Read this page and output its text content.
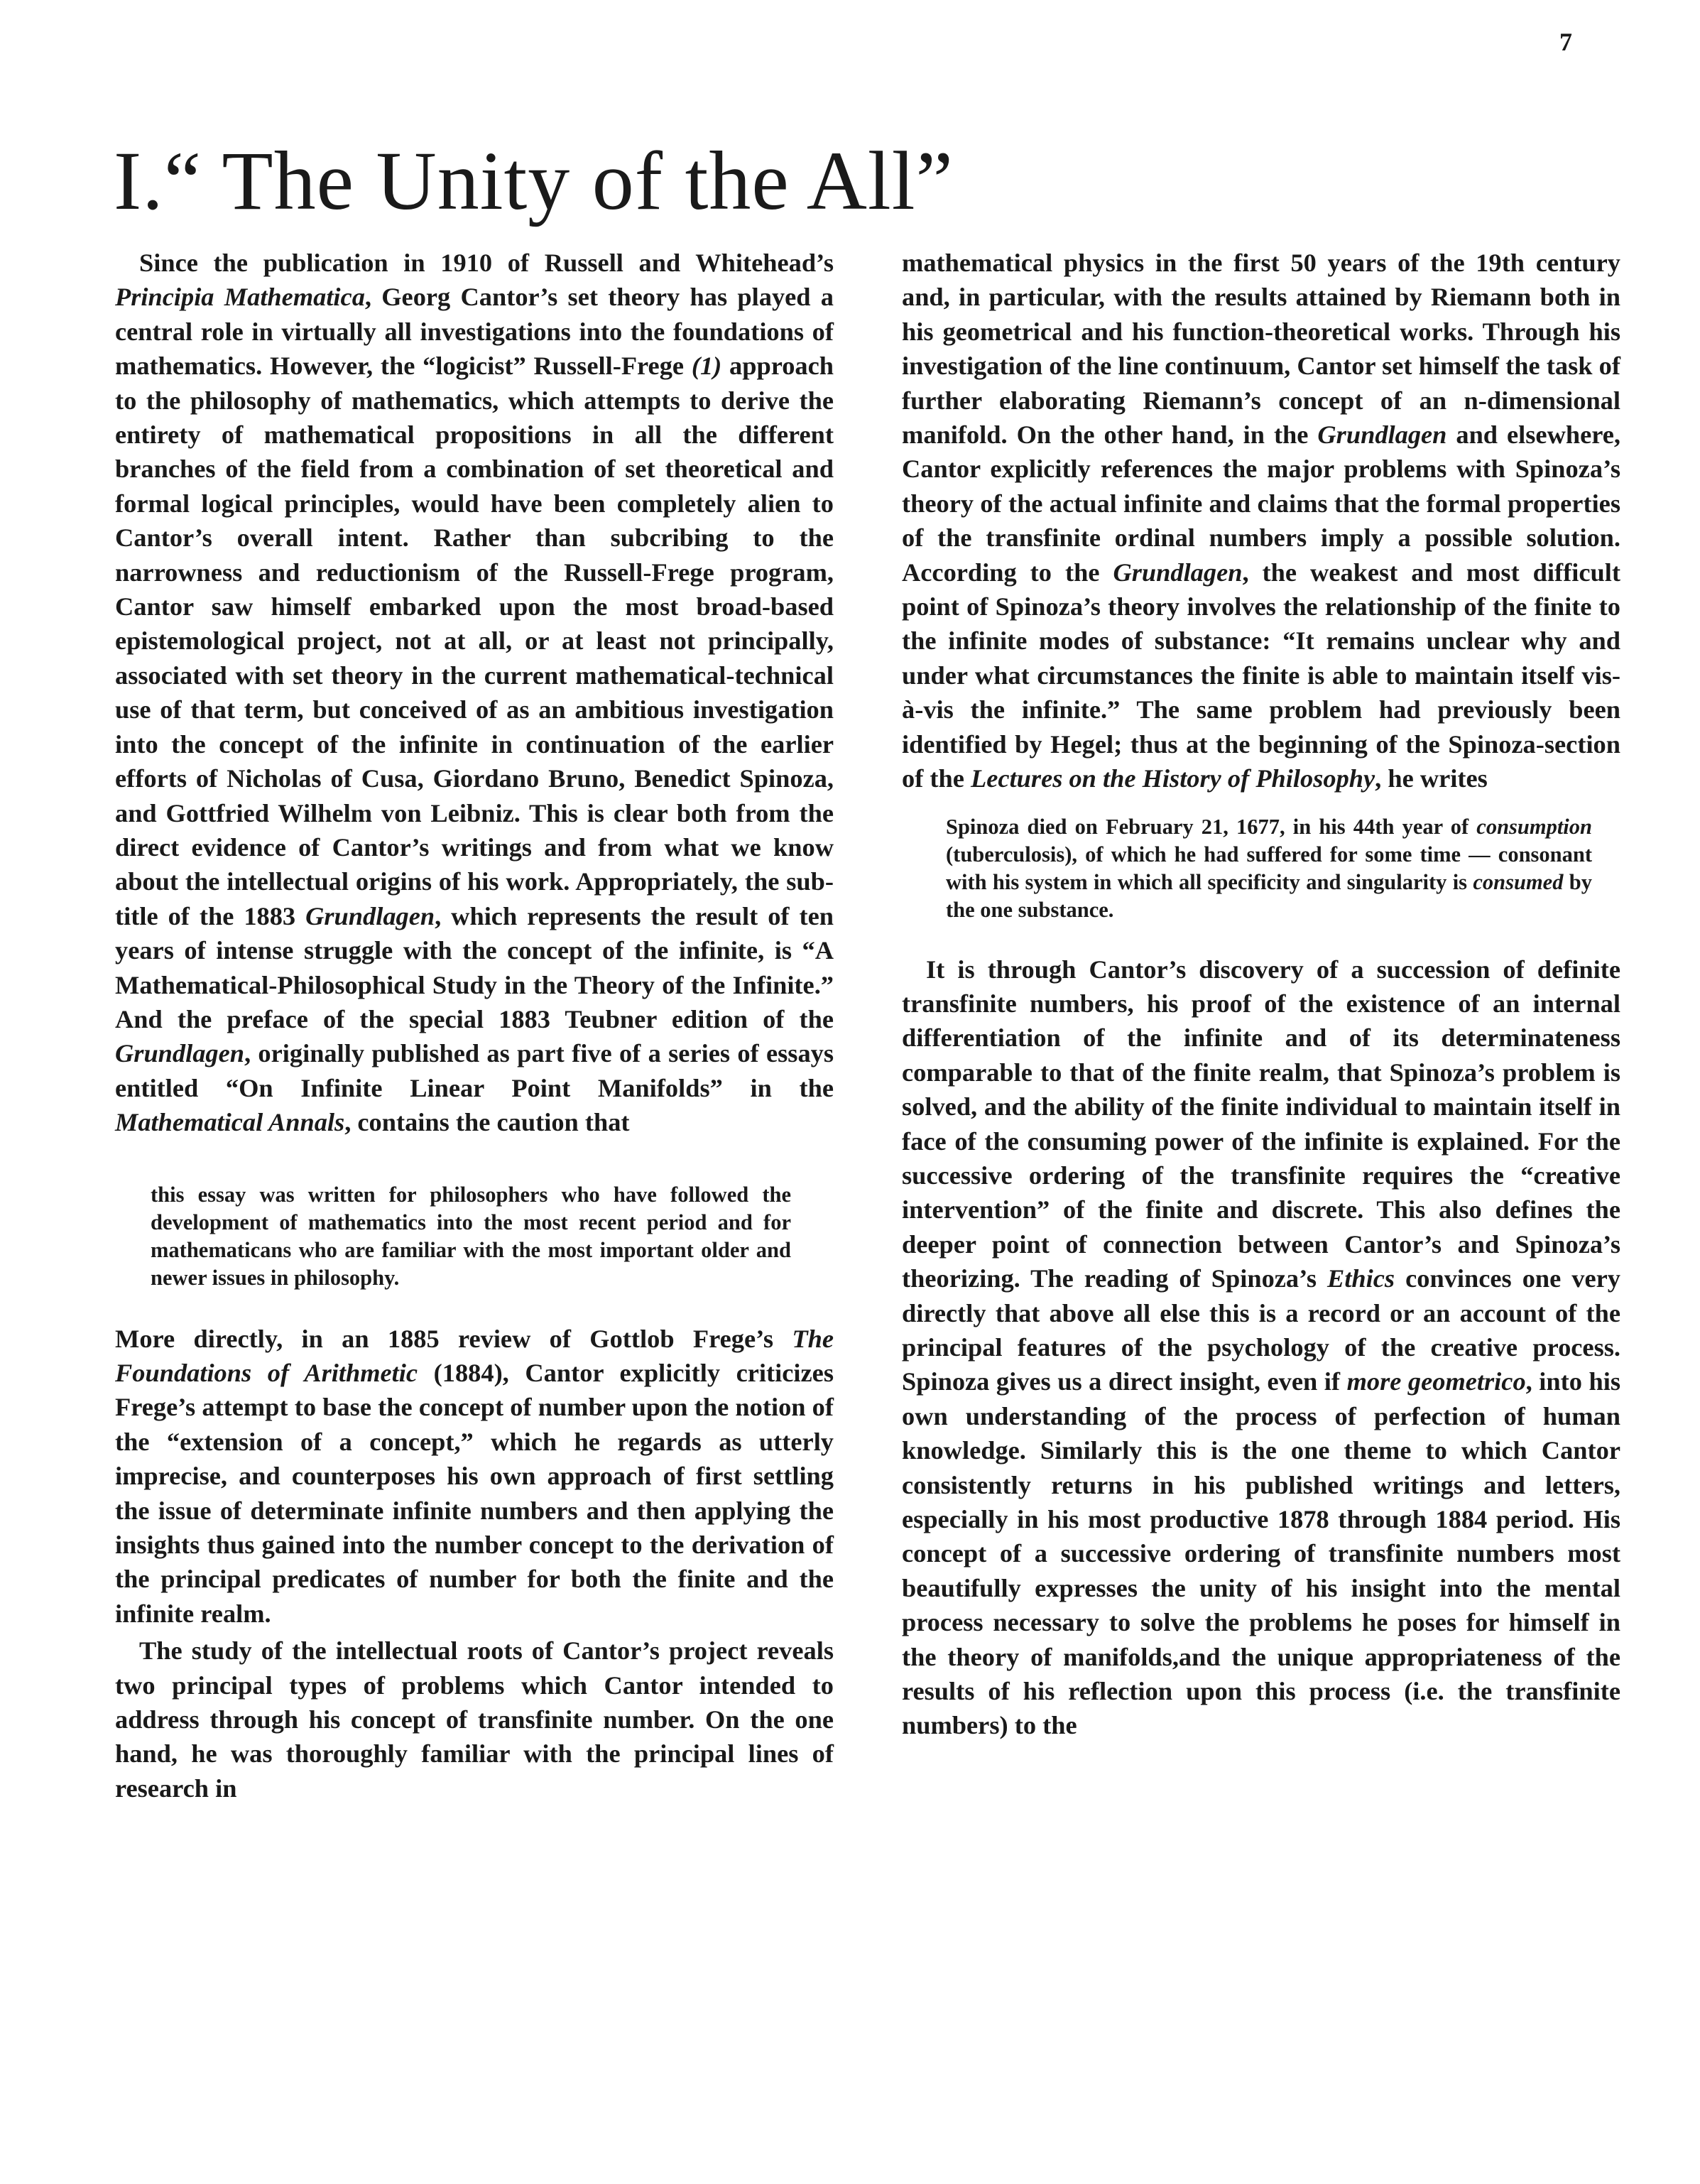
7
I.“ The Unity of the All”

Since the publication in 1910 of Russell and Whitehead’s Principia Mathematica, Georg Cantor’s set theory has played a central role in virtually all investigations into the foundations of mathematics. However, the “logicist” Russell-Frege (1) approach to the philosophy of mathematics, which attempts to derive the entirety of mathematical propositions in all the different branches of the field from a combination of set theoretical and formal logical principles, would have been completely alien to Cantor’s overall intent. Rather than subcribing to the narrowness and reductionism of the Russell-Frege program, Cantor saw himself embarked upon the most broad-based epistemological project, not at all, or at least not principally, associated with set theory in the current mathematical-technical use of that term, but conceived of as an ambitious investigation into the concept of the infinite in continuation of the earlier efforts of Nicholas of Cusa, Giordano Bruno, Benedict Spinoza, and Gottfried Wilhelm von Leibniz. This is clear both from the direct evidence of Cantor’s writings and from what we know about the intellectual origins of his work. Appropriately, the sub-title of the 1883 Grundlagen, which represents the result of ten years of intense struggle with the concept of the infinite, is “A Mathematical-Philosophical Study in the Theory of the Infinite.” And the preface of the special 1883 Teubner edition of the Grundlagen, originally published as part five of a series of essays entitled “On Infinite Linear Point Manifolds” in the Mathematical Annals, contains the caution that

this essay was written for philosophers who have followed the development of mathematics into the most recent period and for mathematicans who are familiar with the most important older and newer issues in philosophy.

More directly, in an 1885 review of Gottlob Frege’s The Foundations of Arithmetic (1884), Cantor explicitly criticizes Frege’s attempt to base the concept of number upon the notion of the “extension of a concept,” which he regards as utterly imprecise, and counterposes his own approach of first settling the issue of determinate infinite numbers and then applying the insights thus gained into the number concept to the derivation of the principal predicates of number for both the finite and the infinite realm.

The study of the intellectual roots of Cantor’s project reveals two principal types of problems which Cantor intended to address through his concept of transfinite number. On the one hand, he was thoroughly familiar with the principal lines of research in

mathematical physics in the first 50 years of the 19th century and, in particular, with the results attained by Riemann both in his geometrical and his function-theoretical works. Through his investigation of the line continuum, Cantor set himself the task of further elaborating Riemann’s concept of an n-dimensional manifold. On the other hand, in the Grundlagen and elsewhere, Cantor explicitly references the major problems with Spinoza’s theory of the actual infinite and claims that the formal properties of the transfinite ordinal numbers imply a possible solution. According to the Grundlagen, the weakest and most difficult point of Spinoza’s theory involves the relationship of the finite to the infinite modes of substance: “It remains unclear why and under what circumstances the finite is able to maintain itself vis-à-vis the infinite.” The same problem had previously been identified by Hegel; thus at the beginning of the Spinoza-section of the Lectures on the History of Philosophy, he writes

Spinoza died on February 21, 1677, in his 44th year of consumption (tuberculosis), of which he had suffered for some time — consonant with his system in which all specificity and singularity is consumed by the one substance.

It is through Cantor’s discovery of a succession of definite transfinite numbers, his proof of the existence of an internal differentiation of the infinite and of its determinateness comparable to that of the finite realm, that Spinoza’s problem is solved, and the ability of the finite individual to maintain itself in face of the consuming power of the infinite is explained. For the successive ordering of the transfinite requires the “creative intervention” of the finite and discrete. This also defines the deeper point of connection between Cantor’s and Spinoza’s theorizing. The reading of Spinoza’s Ethics convinces one very directly that above all else this is a record or an account of the principal features of the psychology of the creative process. Spinoza gives us a direct insight, even if more geometrico, into his own understanding of the process of perfection of human knowledge. Similarly this is the one theme to which Cantor consistently returns in his published writings and letters, especially in his most productive 1878 through 1884 period. His concept of a successive ordering of transfinite numbers most beautifully expresses the unity of his insight into the mental process necessary to solve the problems he poses for himself in the theory of manifolds,and the unique appropriateness of the results of his reflection upon this process (i.e. the transfinite numbers) to the
